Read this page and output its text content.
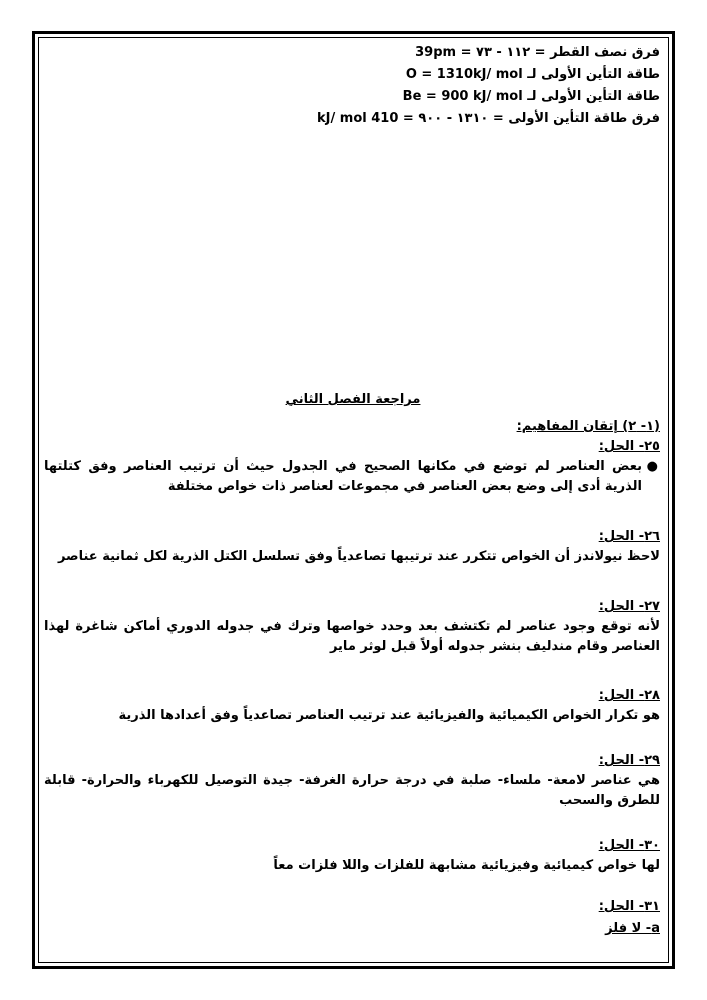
فرق نصف القطر = ١١٢ - ٧٣ = 39pm
طاقة التأين الأولى لـ O = 1310kJ/ mol
طاقة التأين الأولى لـ Be = 900 kJ/ mol
فرق طاقة التأين الأولى = ١٣١٠ - ٩٠٠ = 410 kJ/ mol
مراجعة الفصل الثاني
(١- ٢) إتقان المفاهيم:
٢٥- الحل:
●
بعض العناصر لم توضع في مكانها الصحيح في الجدول حيث أن ترتيب العناصر وفق كتلتها الذرية أدى إلى وضع بعض العناصر في مجموعات لعناصر ذات خواص مختلفة
٢٦- الحل:
لاحظ نيولاندز أن الخواص تتكرر عند ترتيبها تصاعدياً وفق تسلسل الكتل الذرية لكل ثمانية عناصر
٢٧- الحل:
لأنه توقع وجود عناصر لم تكتشف بعد وحدد خواصها وترك في جدوله الدوري أماكن شاغرة لهذا العناصر وقام مندليف بنشر جدوله أولاً قبل لوثر ماير
٢٨- الحل:
هو تكرار الخواص الكيميائية والفيزيائية عند ترتيب العناصر تصاعدياً وفق أعدادها الذرية
٢٩- الحل:
هي عناصر لامعة- ملساء- صلبة في درجة حرارة الغرفة- جيدة التوصيل للكهرباء والحرارة- قابلة للطرق والسحب
٣٠- الحل:
لها خواص كيميائية وفيزيائية مشابهة للفلزات واللا فلزات معاً
٣١- الحل:
a- لا فلز
